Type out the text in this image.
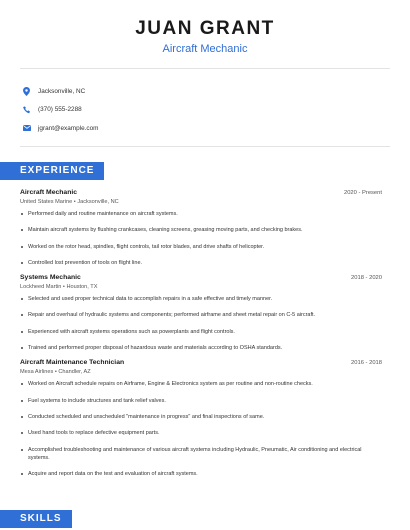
JUAN GRANT
Aircraft Mechanic
Jacksonville, NC
(370) 555-2288
jgrant@example.com
EXPERIENCE
Aircraft Mechanic	2020 - Present
United States Marine • Jacksonville, NC
Performed daily and routine maintenance on aircraft systems.
Maintain aircraft systems by flushing crankcases, cleaning screens, greasing moving parts, and checking brakes.
Worked on the rotor head, spindles, flight controls, tail rotor blades, and drive shafts of helicopter.
Controlled lost prevention of tools on flight line.
Systems Mechanic	2018 - 2020
Lockheed Martin • Houston, TX
Selected and used proper technical data to accomplish repairs in a safe effective and timely manner.
Repair and overhaul of hydraulic systems and components; performed airframe and sheet metal repair on C-5 aircraft.
Experienced with aircraft systems operations such as powerplants and flight controls.
Trained and performed proper disposal of hazardous waste and materials according to OSHA standards.
Aircraft Maintenance Technician	2016 - 2018
Mesa Airlines • Chandler, AZ
Worked on Aircraft schedule repairs on Airframe, Engine & Electronics system as per routine and non-routine checks.
Fuel systems to include structures and tank relief valves.
Conducted scheduled and unscheduled "maintenance in progress" and final inspections of same.
Used hand tools to replace defective equipment parts.
Accomplished troubleshooting and maintenance of various aircraft systems including Hydraulic, Pneumatic, Air conditioning and electrical systems.
Acquire and report data on the test and evaluation of aircraft systems.
SKILLS
